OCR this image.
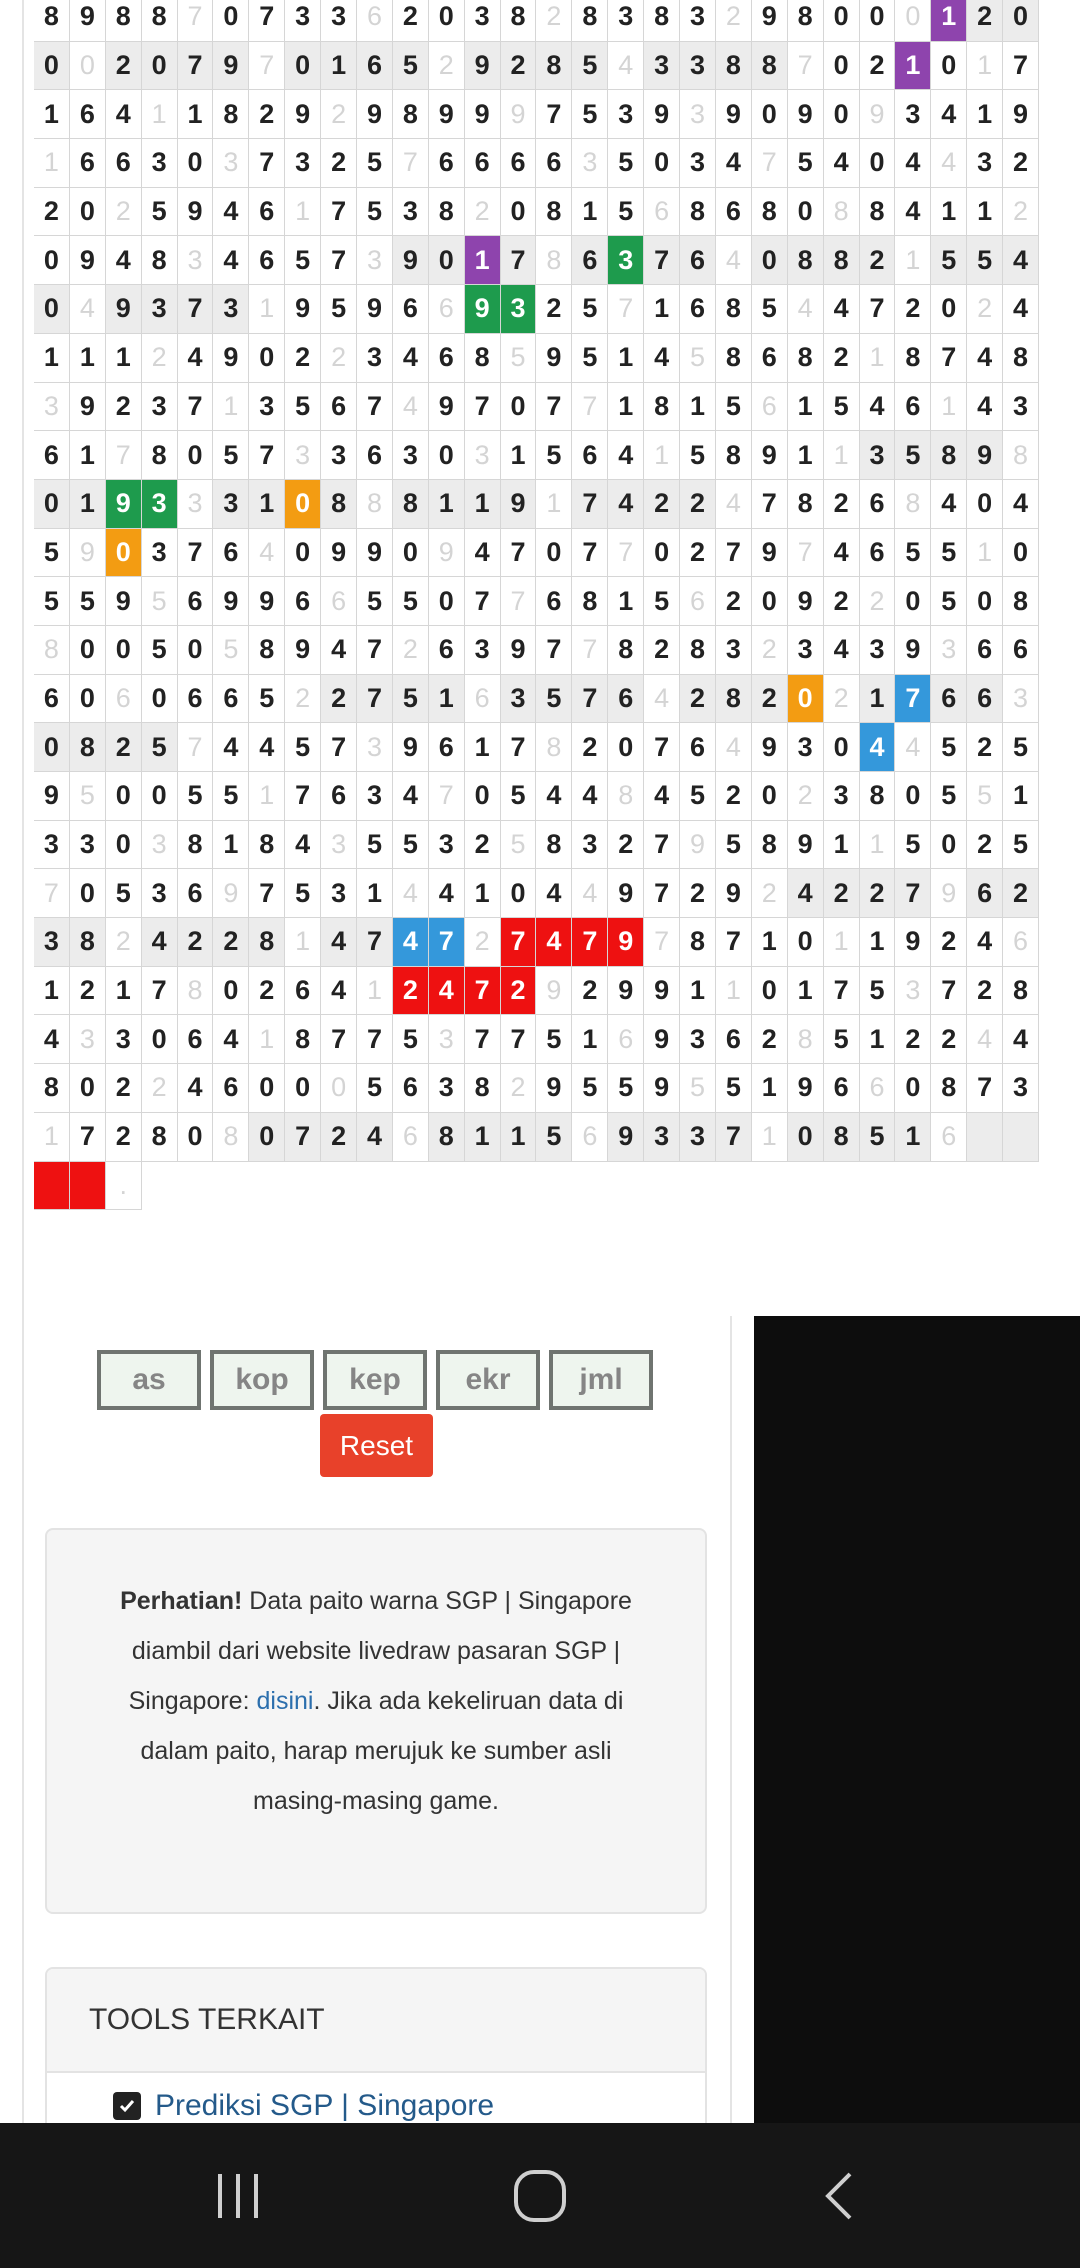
8 9 8 8 7 0 7 3 3 6 2 0 3 8 2 8 3 8 3 2 9 8 0 0 0 1 2 0
0 0 2 0 7 9 7 0 1 6 5 2 9 2 8 5 4 3 3 8 8 7 0 2 1 0 1 7
1 6 4 1 1 8 2 9 2 9 8 9 9 9 7 5 3 9 3 9 0 9 0 9 3 4 1 9
1 6 6 3 0 3 7 3 2 5 7 6 6 6 6 3 5 0 3 4 7 5 4 0 4 4 3 2
2 0 2 5 9 4 6 1 7 5 3 8 2 0 8 1 5 6 8 6 8 0 8 8 4 1 1 2
0 9 4 8 3 4 6 5 7 3 9 0 1 7 8 6 3 7 6 4 0 8 8 2 1 5 5 4
0 4 9 3 7 3 1 9 5 9 6 6 9 3 2 5 7 1 6 8 5 4 4 7 2 0 2 4
1 1 1 2 4 9 0 2 2 3 4 6 8 5 9 5 1 4 5 8 6 8 2 1 8 7 4 8
3 9 2 3 7 1 3 5 6 7 4 9 7 0 7 7 1 8 1 5 6 1 5 4 6 1 4 3
6 1 7 8 0 5 7 3 3 6 3 0 3 1 5 6 4 1 5 8 9 1 1 3 5 8 9 8
0 1 9 3 3 3 1 0 8 8 8 1 1 9 1 7 4 2 2 4 7 8 2 6 8 4 0 4
5 9 0 3 7 6 4 0 9 9 0 9 4 7 0 7 7 0 2 7 9 7 4 6 5 5 1 0
5 5 9 5 6 9 9 6 6 5 5 0 7 7 6 8 1 5 6 2 0 9 2 2 0 5 0 8
8 0 0 5 0 5 8 9 4 7 2 6 3 9 7 7 8 2 8 3 2 3 4 3 9 3 6 6
6 0 6 0 6 6 5 2 2 7 5 1 6 3 5 7 6 4 2 8 2 0 2 1 7 6 6 3
0 8 2 5 7 4 4 5 7 3 9 6 1 7 8 2 0 7 6 4 9 3 0 4 4 5 2 5
9 5 0 0 5 5 1 7 6 3 4 7 0 5 4 4 8 4 5 2 0 2 3 8 0 5 5 1
3 3 0 3 8 1 8 4 3 5 5 3 2 5 8 3 2 7 9 5 8 9 1 1 5 0 2 5
7 0 5 3 6 9 7 5 3 1 4 4 1 0 4 4 9 7 2 9 2 4 2 2 7 9 6 2
3 8 2 4 2 2 8 1 4 7 4 7 2 7 4 7 9 7 8 7 1 0 1 1 9 2 4 6
1 2 1 7 8 0 2 6 4 1 2 4 7 2 9 2 9 9 1 1 0 1 7 5 3 7 2 8
4 3 3 0 6 4 1 8 7 7 5 3 7 7 5 1 6 9 3 6 2 8 5 1 2 2 4 4
8 0 2 2 4 6 0 0 0 5 6 3 8 2 9 5 5 9 5 5 1 9 6 6 0 8 7 3
1 7 2 8 0 8 0 7 2 4 6 8 1 1 5 6 9 3 3 7 1 0 8 5 1 6
.
as	kop	kep	ekr	jml
Reset
Perhatian! Data paito warna SGP | Singapore diambil dari website livedraw pasaran SGP | Singapore: disini. Jika ada kekeliruan data di dalam paito, harap merujuk ke sumber asli masing-masing game.
TOOLS TERKAIT
Prediksi SGP | Singapore
